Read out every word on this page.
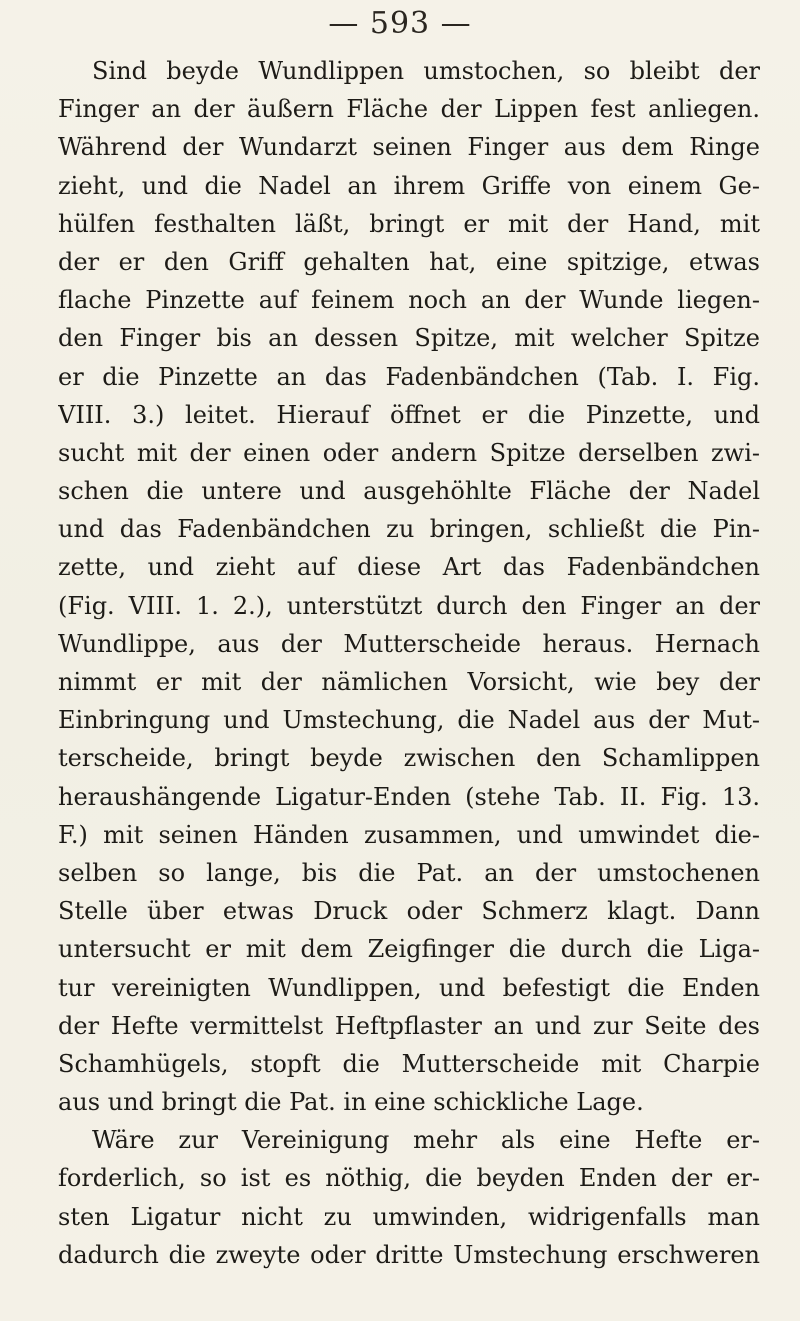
— 593 —
Sind beyde Wundlippen umstochen, so bleibt der
Finger an der äußern Fläche der Lippen fest anliegen.
Während der Wundarzt seinen Finger aus dem Ringe
zieht, und die Nadel an ihrem Griffe von einem Ge-
hülfen festhalten läßt, bringt er mit der Hand, mit
der er den Griff gehalten hat, eine spitzige, etwas
flache Pinzette auf feinem noch an der Wunde liegen-
den Finger bis an dessen Spitze, mit welcher Spitze
er die Pinzette an das Fadenbändchen (Tab. I. Fig.
VIII. 3.) leitet. Hierauf öffnet er die Pinzette, und
sucht mit der einen oder andern Spitze derselben zwi-
schen die untere und ausgehöhlte Fläche der Nadel
und das Fadenbändchen zu bringen, schließt die Pin-
zette, und zieht auf diese Art das Fadenbändchen
(Fig. VIII. 1. 2.), unterstützt durch den Finger an der
Wundlippe, aus der Mutterscheide heraus. Hernach
nimmt er mit der nämlichen Vorsicht, wie bey der
Einbringung und Umstechung, die Nadel aus der Mut-
terscheide, bringt beyde zwischen den Schamlippen
heraushängende Ligatur-Enden (stehe Tab. II. Fig. 13.
F.) mit seinen Händen zusammen, und umwindet die-
selben so lange, bis die Pat. an der umstochenen
Stelle über etwas Druck oder Schmerz klagt. Dann
untersucht er mit dem Zeigfinger die durch die Liga-
tur vereinigten Wundlippen, und befestigt die Enden
der Hefte vermittelst Heftpflaster an und zur Seite des
Schamhügels, stopft die Mutterscheide mit Charpie
aus und bringt die Pat. in eine schickliche Lage.
Wäre zur Vereinigung mehr als eine Hefte er-
forderlich, so ist es nöthig, die beyden Enden der er-
sten Ligatur nicht zu umwinden, widrigenfalls man
dadurch die zweyte oder dritte Umstechung erschweren
